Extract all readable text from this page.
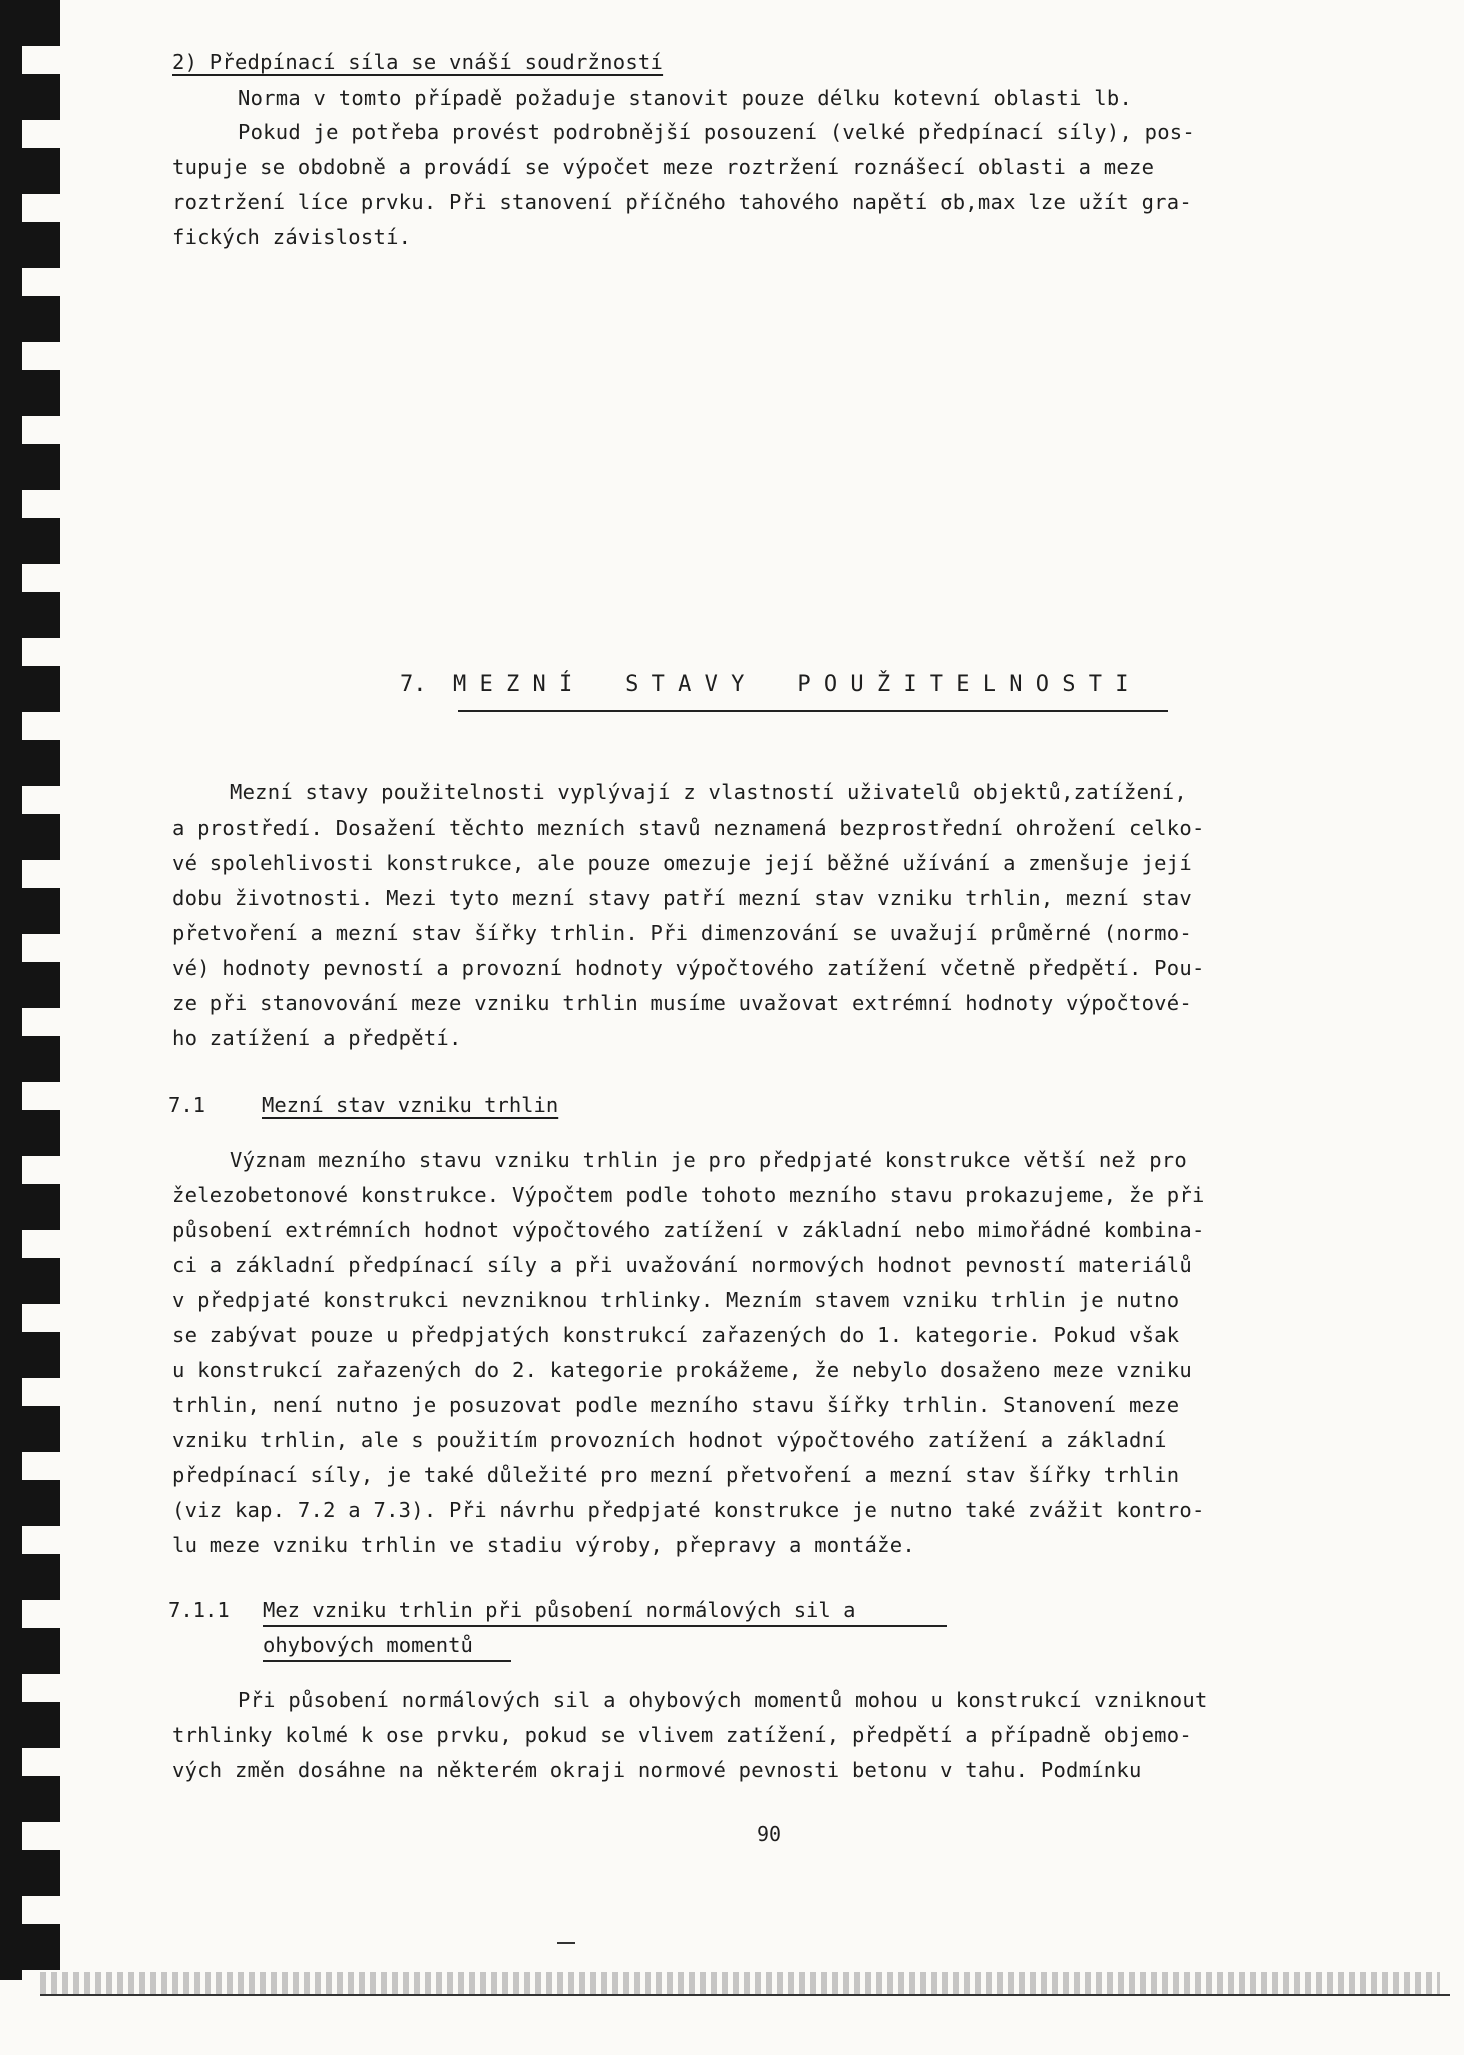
2) Předpínací síla se vnáší soudržností
Norma v tomto případě požaduje stanovit pouze délku kotevní oblasti lb.
Pokud je potřeba provést podrobnější posouzení (velké předpínací síly), pos-
tupuje se obdobně a provádí se výpočet meze roztržení roznášecí oblasti a meze
roztržení líce prvku. Při stanovení příčného tahového napětí σb,max lze užít gra-
fických závislostí.
7.  M E Z N Í    S T A V Y    P O U Ž I T E L N O S T I
Mezní stavy použitelnosti vyplývají z vlastností uživatelů objektů,zatížení,
a prostředí. Dosažení těchto mezních stavů neznamená bezprostřední ohrožení celko-
vé spolehlivosti konstrukce, ale pouze omezuje její běžné užívání a zmenšuje její
dobu životnosti. Mezi tyto mezní stavy patří mezní stav vzniku trhlin, mezní stav
přetvoření a mezní stav šířky trhlin. Při dimenzování se uvažují průměrné (normo-
vé) hodnoty pevností a provozní hodnoty výpočtového zatížení včetně předpětí. Pou-
ze při stanovování meze vzniku trhlin musíme uvažovat extrémní hodnoty výpočtové-
ho zatížení a předpětí.
7.1	Mezní stav vzniku trhlin
Význam mezního stavu vzniku trhlin je pro předpjaté konstrukce větší než pro
železobetonové konstrukce. Výpočtem podle tohoto mezního stavu prokazujeme, že při
působení extrémních hodnot výpočtového zatížení v základní nebo mimořádné kombina-
ci a základní předpínací síly a při uvažování normových hodnot pevností materiálů
v předpjaté konstrukci nevzniknou trhlinky. Mezním stavem vzniku trhlin je nutno
se zabývat pouze u předpjatých konstrukcí zařazených do 1. kategorie. Pokud však
u konstrukcí zařazených do 2. kategorie prokážeme, že nebylo dosaženo meze vzniku
trhlin, není nutno je posuzovat podle mezního stavu šířky trhlin. Stanovení meze
vzniku trhlin, ale s použitím provozních hodnot výpočtového zatížení a základní
předpínací síly, je také důležité pro mezní přetvoření a mezní stav šířky trhlin
(viz kap. 7.2 a 7.3). Při návrhu předpjaté konstrukce je nutno také zvážit kontro-
lu meze vzniku trhlin ve stadiu výroby, přepravy a montáže.
7.1.1 Mez vzniku trhlin při působení normálových sil a
ohybových momentů
Při působení normálových sil a ohybových momentů mohou u konstrukcí vzniknout
trhlinky kolmé k ose prvku, pokud se vlivem zatížení, předpětí a případně objemo-
vých změn dosáhne na některém okraji normové pevnosti betonu v tahu. Podmínku
90
